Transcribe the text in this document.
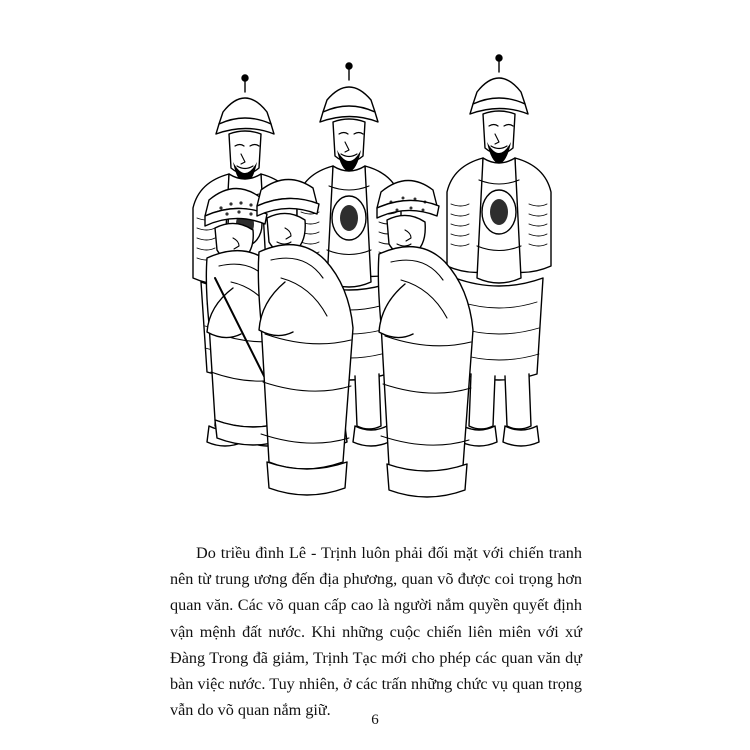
Do triều đình Lê - Trịnh luôn phải đối mặt với chiến tranh nên từ trung ương đến địa phương, quan võ được coi trọng hơn quan văn. Các võ quan cấp cao là người nắm quyền quyết định vận mệnh đất nước. Khi những cuộc chiến liên miên với xứ Đàng Trong đã giảm, Trịnh Tạc mới cho phép các quan văn dự bàn việc nước. Tuy nhiên, ở các trấn những chức vụ quan trọng vẫn do võ quan nắm giữ.

6
